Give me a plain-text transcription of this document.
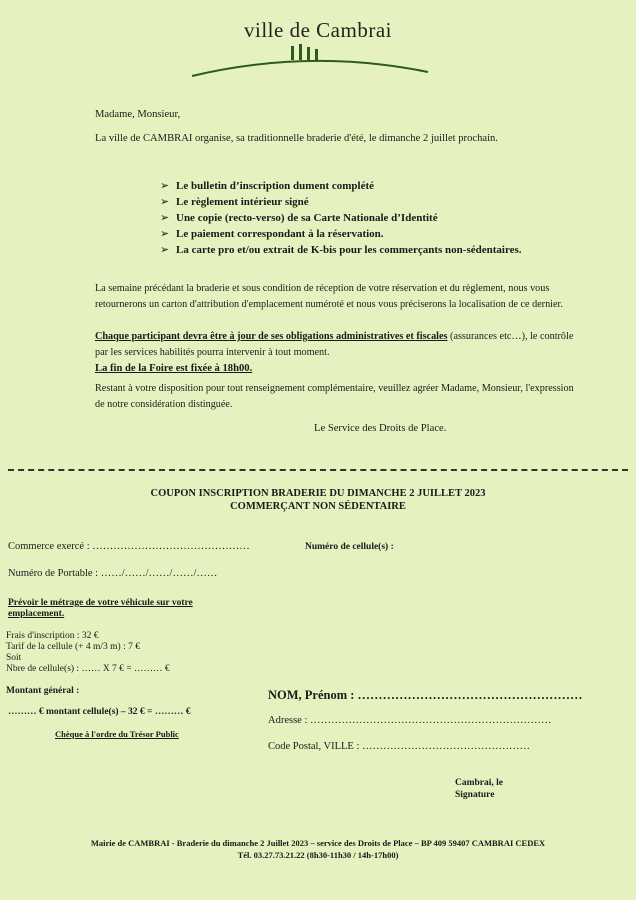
ville de Cambrai
Madame, Monsieur,
La ville de CAMBRAI organise, sa traditionnelle braderie d'été, le dimanche 2 juillet prochain.
➢ Le bulletin d’inscription dument complété
➢ Le règlement intérieur signé
➢ Une copie (recto-verso) de sa Carte Nationale d’Identité
➢ Le paiement correspondant à la réservation.
➢ La carte pro et/ou extrait de K-bis pour les commerçants non-sédentaires.
La semaine précédant la braderie et sous condition de réception de votre réservation et du règlement, nous vous retournerons un carton d'attribution d'emplacement numéroté et nous vous préciserons la localisation de ce dernier.
Chaque participant devra être à jour de ses obligations administratives et fiscales (assurances etc…), le contrôle par les services habilités pourra intervenir à tout moment.
La fin de la Foire est fixée à 18h00.
Restant à votre disposition pour tout renseignement complémentaire, veuillez agréer Madame, Monsieur, l'expression de notre considération distinguée.
Le Service des Droits de Place.
COUPON INSCRIPTION BRADERIE DU DIMANCHE 2 JUILLET 2023
COMMERÇANT NON SÉDENTAIRE
Commerce exercé : ………………………………………	Numéro de cellule(s) :
Numéro de Portable : ……/……/……/……/……
Prévoir le métrage de votre véhicule sur votre
emplacement.
Frais d'inscription : 32 €
Tarif de la cellule (+ 4 m/3 m) : 7 €
Soit
Nbre de cellule(s) : …… X 7 € = ……… €
Montant général :
……… € montant cellule(s) – 32 € = ……… €
Chèque à l'ordre du Trésor Public
NOM, Prénom : ………………………………………………
Adresse : ……………………………………………………………
Code Postal, VILLE : …………………………………………
Cambrai, le
Signature
Mairie de CAMBRAI - Braderie du dimanche 2 Juillet 2023 – service des Droits de Place – BP 409 59407 CAMBRAI CEDEX
Tél. 03.27.73.21.22 (8h30-11h30 / 14h-17h00)
